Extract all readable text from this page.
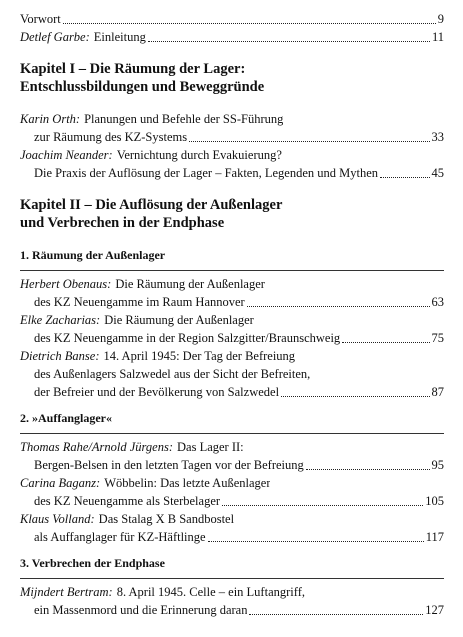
Vorwort	9
Detlef Garbe: Einleitung	11
Kapitel I – Die Räumung der Lager:
Entschlussbildungen und Beweggründe
Karin Orth: Planungen und Befehle der SS-Führung
zur Räumung des KZ-Systems	33
Joachim Neander: Vernichtung durch Evakuierung?
Die Praxis der Auflösung der Lager – Fakten, Legenden und Mythen	45
Kapitel II – Die Auflösung der Außenlager
und Verbrechen in der Endphase
1. Räumung der Außenlager
Herbert Obenaus: Die Räumung der Außenlager
des KZ Neuengamme im Raum Hannover	63
Elke Zacharias: Die Räumung der Außenlager
des KZ Neuengamme in der Region Salzgitter/Braunschweig	75
Dietrich Banse: 14. April 1945: Der Tag der Befreiung
des Außenlagers Salzwedel aus der Sicht der Befreiten,
der Befreier und der Bevölkerung von Salzwedel	87
2. »Auffanglager«
Thomas Rahe/Arnold Jürgens: Das Lager II:
Bergen-Belsen in den letzten Tagen vor der Befreiung	95
Carina Baganz: Wöbbelin: Das letzte Außenlager
des KZ Neuengamme als Sterbelager	105
Klaus Volland: Das Stalag X B Sandbostel
als Auffanglager für KZ-Häftlinge	117
3. Verbrechen der Endphase
Mijndert Bertram: 8. April 1945. Celle – ein Luftangriff,
ein Massenmord und die Erinnerung daran	127
